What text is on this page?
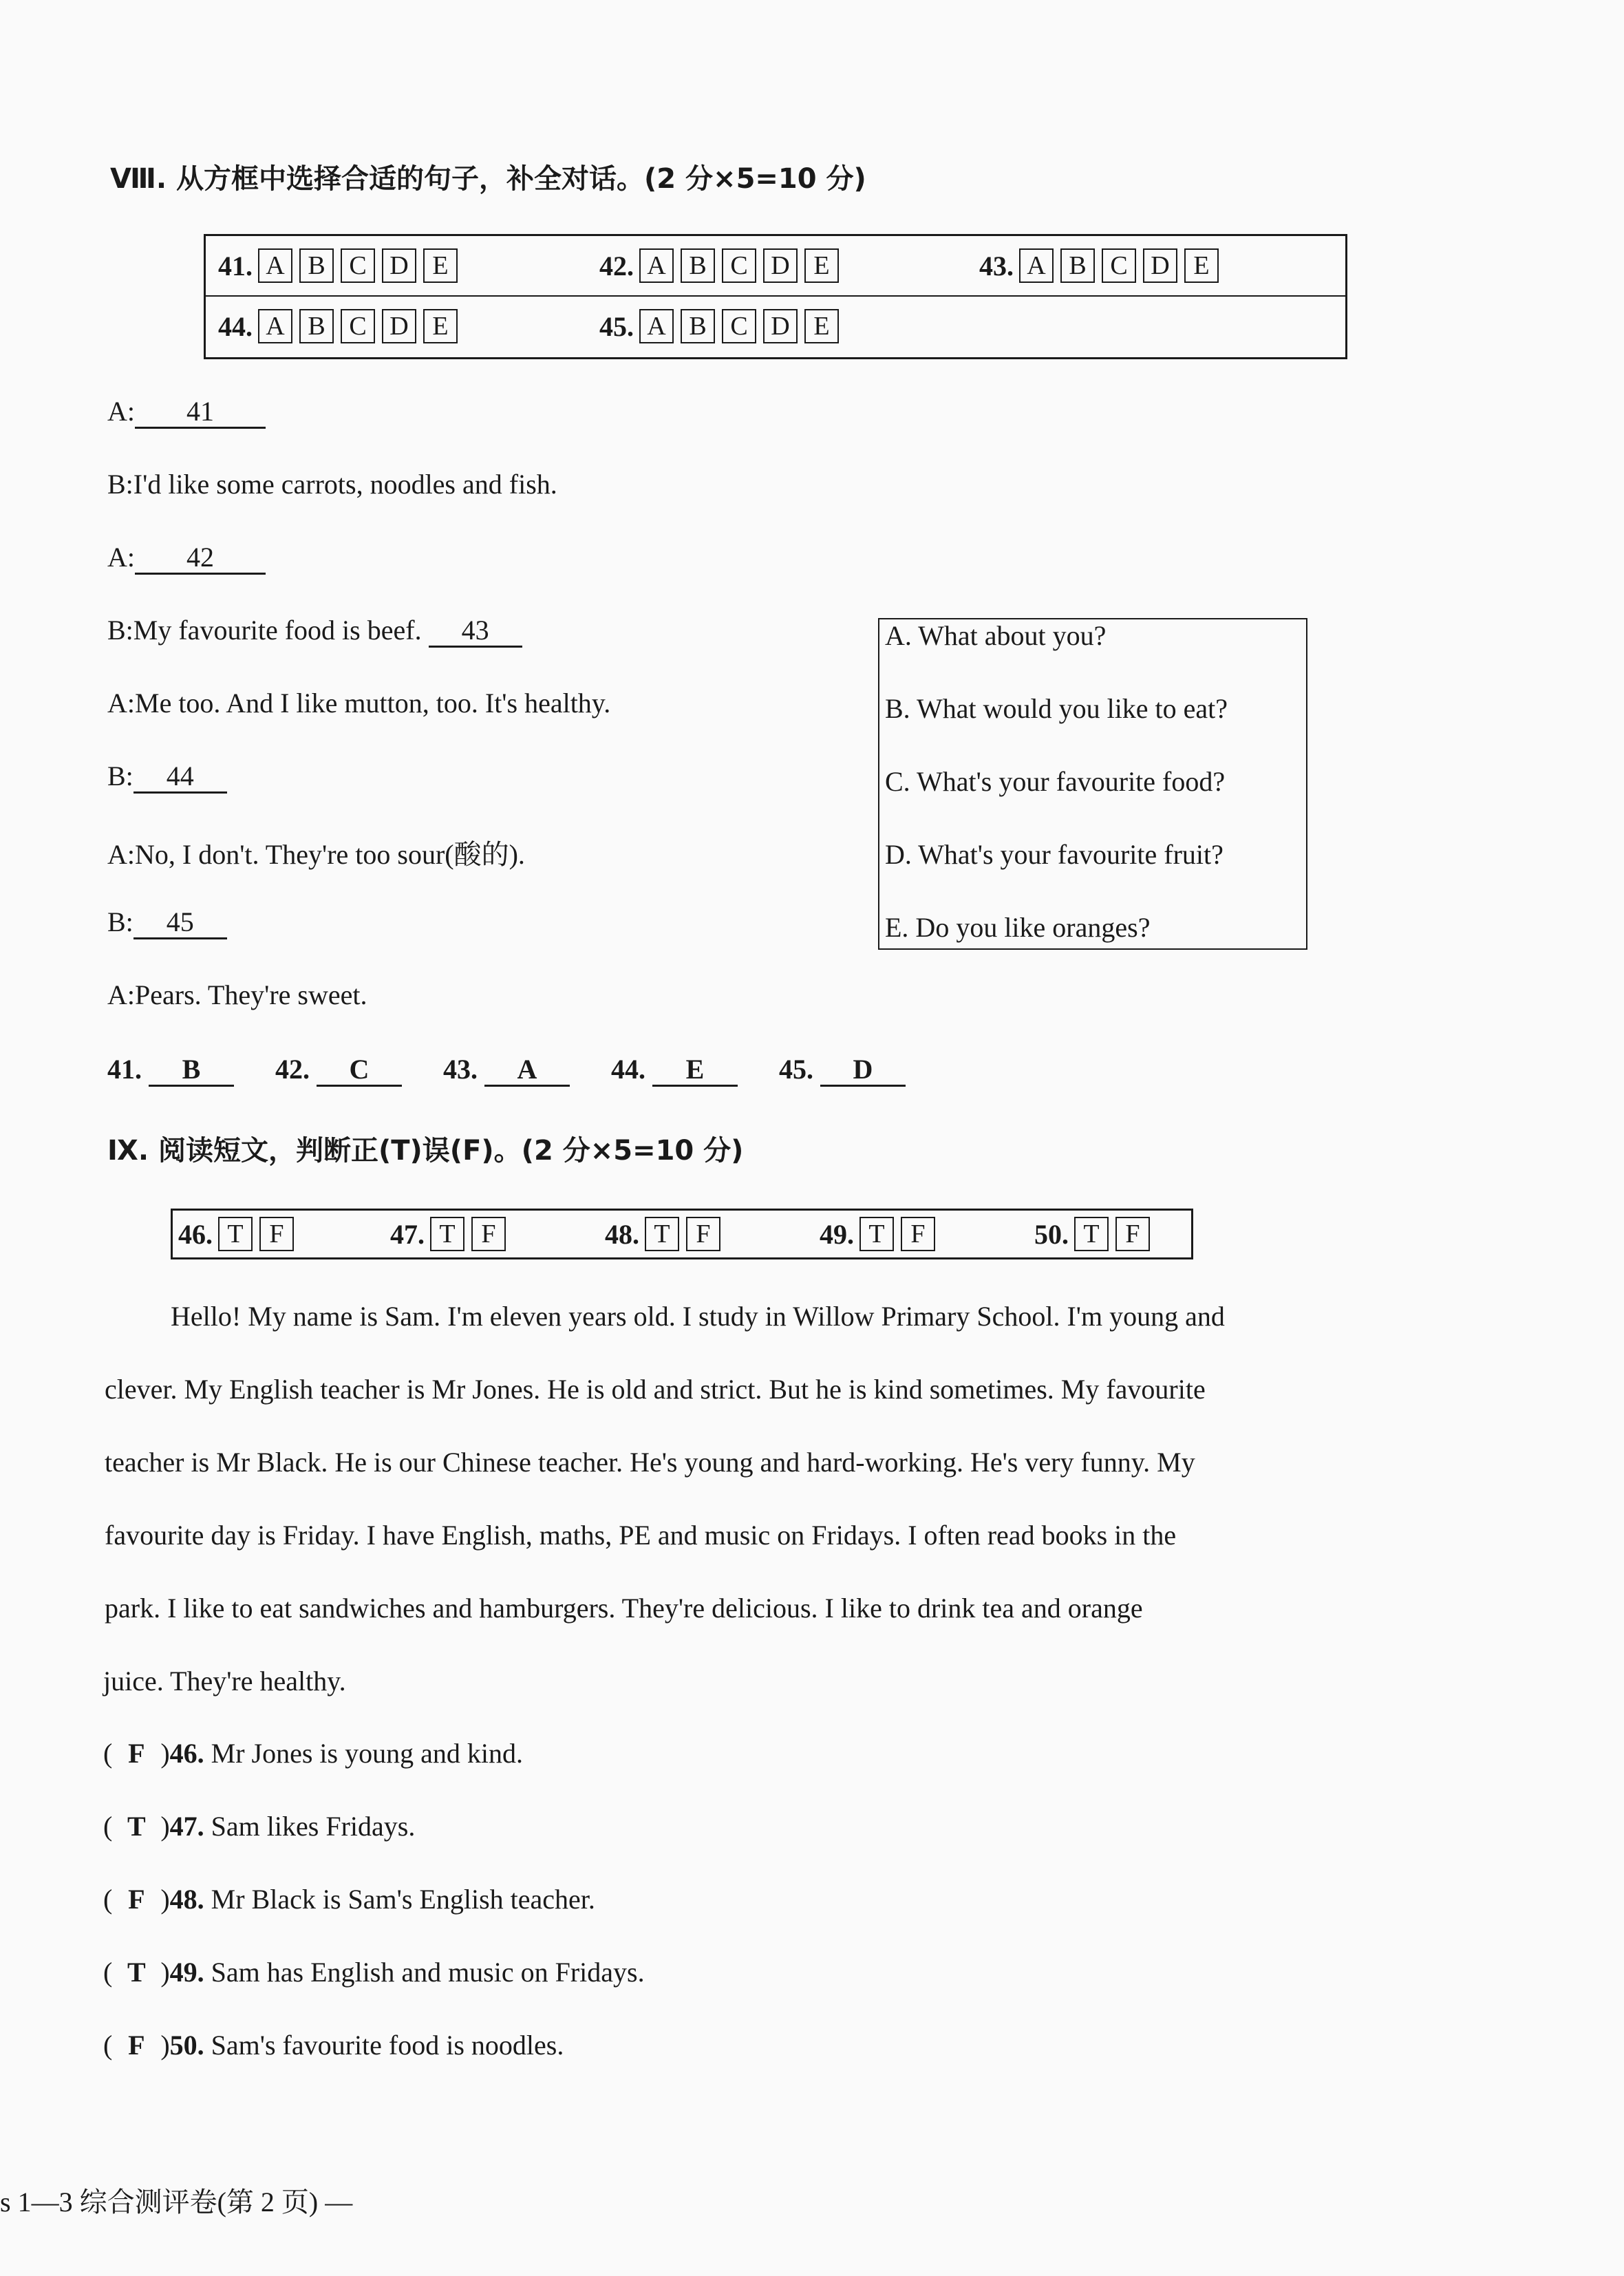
Ⅷ. 从方框中选择合适的句子，补全对话。(2 分×5=10 分)
41. A B C D E	42. A B C D E	43. A B C D E
44. A B C D E	45. A B C D E
A: 41
B:I'd like some carrots, noodles and fish.
A: 42
B:My favourite food is beef. 43
A:Me too. And I like mutton, too. It's healthy.
B: 44
A:No, I don't. They're too sour(酸的).
B: 45
A:Pears. They're sweet.
A. What about you?
B. What would you like to eat?
C. What's your favourite food?
D. What's your favourite fruit?
E. Do you like oranges?
41. B	42. C	43. A	44. E	45. D
Ⅸ. 阅读短文，判断正(T)误(F)。(2 分×5=10 分)
46. T F	47. T F	48. T F	49. T F	50. T F
Hello! My name is Sam. I'm eleven years old. I study in Willow Primary School. I'm young and
clever. My English teacher is Mr Jones. He is old and strict. But he is kind sometimes. My favourite
teacher is Mr Black. He is our Chinese teacher. He's young and hard-working. He's very funny. My
favourite day is Friday. I have English, maths, PE and music on Fridays. I often read books in the
park. I like to eat sandwiches and hamburgers. They're delicious. I like to drink tea and orange
juice. They're healthy.
( F )46. Mr Jones is young and kind.
( T )47. Sam likes Fridays.
( F )48. Mr Black is Sam's English teacher.
( T )49. Sam has English and music on Fridays.
( F )50. Sam's favourite food is noodles.
s 1—3 综合测评卷(第 2 页) —
